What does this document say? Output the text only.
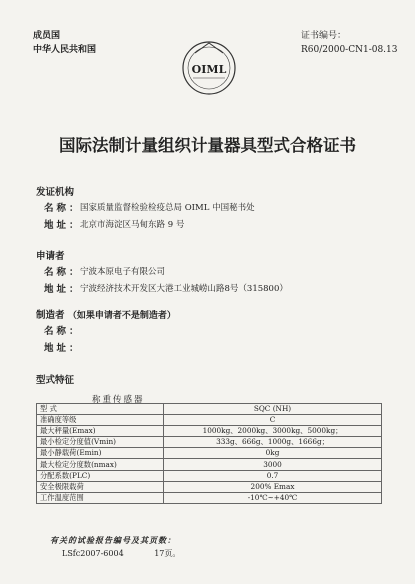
成员国
中华人民共和国
证书编号：
R60/2000-CN1-08.13
OIML
国际法制计量组织计量器具型式合格证书
发证机构
名称：
国家质量监督检验检疫总局 OIML 中国秘书处
地址：
北京市海淀区马甸东路 9 号
申请者
名称：
宁波本原电子有限公司
地址：
宁波经济技术开发区大港工业城崂山路8号（315800）
制造者 （如果申请者不是制造者）
名称：
地址：
型式特征
称重传感器
型 式	SQC (NH)
准确度等级	C
最大秤量(Emax)	1000kg、2000kg、3000kg、5000kg；
最小检定分度值(Vmin)	333g、666g、1000g、1666g；
最小静载荷(Emin)	0kg
最大检定分度数(nmax)	3000
分配系数(PLC)	0.7
安全极限载荷	200% Emax
工作温度范围	-10℃~+40℃
有关的试验报告编号及其页数：
LSfc2007-6004	17页。
